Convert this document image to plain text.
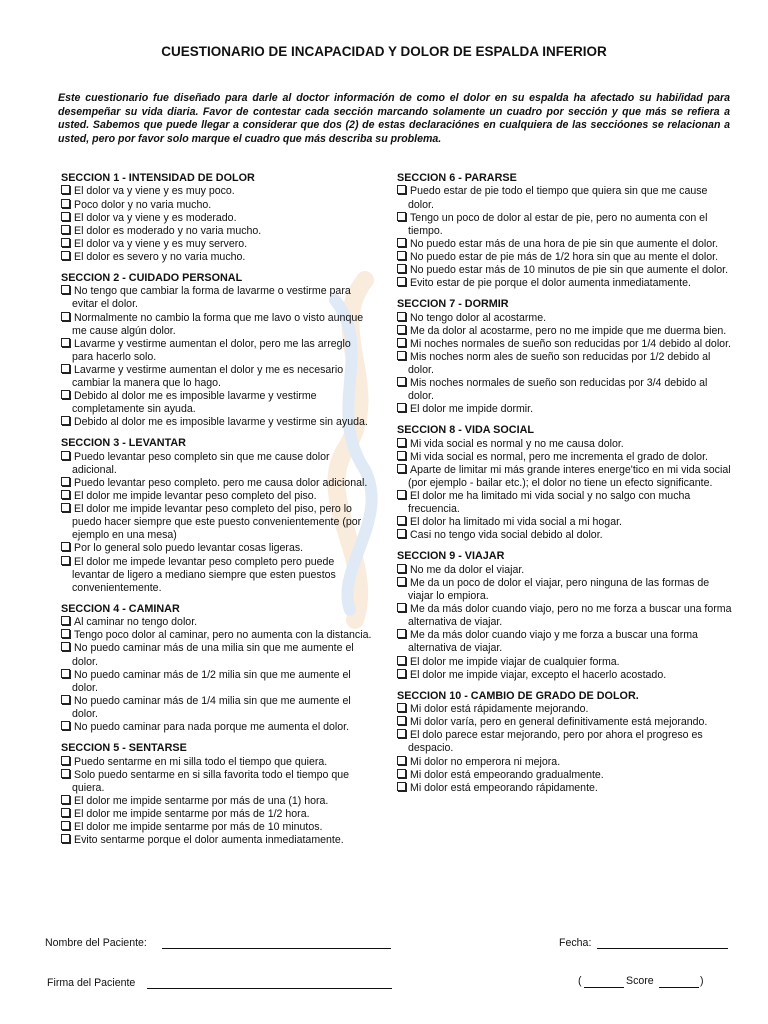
CUESTIONARIO DE INCAPACIDAD Y DOLOR DE ESPALDA INFERIOR
Este cuestionario fue diseñado para darle al doctor información de como el dolor en su espalda ha afectado su habi/idad para desempeñar su vida diaria. Favor de contestar cada sección marcando solamente un cuadro por sección y que más se refiera a usted. Sabemos que puede llegar a considerar que dos (2) de estas declaraciónes en cualquiera de las seccióones se relacionan a usted, pero por favor solo marque el cuadro que más describa su problema.
SECCION 1 - INTENSIDAD DE DOLOR
El dolor va y viene y es muy poco.
Poco dolor y no varia mucho.
El dolor va y viene y es moderado.
El dolor es moderado y no varia mucho.
El dolor va y viene y es muy servero.
El dolor es severo y no varia mucho.
SECCION 2 - CUIDADO PERSONAL
No tengo que cambiar la forma de lavarme o vestirme para evitar el dolor.
Normalmente no cambio la forma que me lavo o visto aunque me cause algún dolor.
Lavarme y vestirme aumentan el dolor, pero me las arreglo para hacerlo solo.
Lavarme y vestirme aumentan el dolor y me es necesario cambiar la manera que lo hago.
Debido al dolor me es imposible lavarme y vestirme completamente sin ayuda.
Debido al dolor me es imposible lavarme y vestirme sin ayuda.
SECCION 3 - LEVANTAR
Puedo levantar peso completo sin que me cause dolor adicional.
Puedo levantar peso completo. pero me causa dolor adicional.
El dolor me impide levantar peso completo del piso.
El dolor me impide levantar peso completo del piso, pero lo puedo hacer siempre que este puesto convenientemente (por ejemplo en una mesa)
Por lo general solo puedo levantar cosas ligeras.
El dolor me impede levantar peso completo pero puede levantar de ligero a mediano siempre que esten puestos convenientemente.
SECCION 4 - CAMINAR
Al caminar no tengo dolor.
Tengo poco dolor al caminar, pero no aumenta con la distancia.
No puedo caminar más de una milia sin que me aumente el dolor.
No puedo caminar más de 1/2 milia sin que me aumente el dolor.
No puedo caminar más de 1/4 milia sin que me aumente el dolor.
No puedo caminar para nada porque me aumenta el dolor.
SECCION 5 - SENTARSE
Puedo sentarme en mi silla todo el tiempo que quiera.
Solo puedo sentarme en si silla favorita todo el tiempo que quiera.
El dolor me impide sentarme por más de una (1) hora.
El dolor me impide sentarme por más de 1/2 hora.
El dolor me impide sentarme por más de 10 minutos.
Evito sentarme porque el dolor aumenta inmediatamente.
SECCION 6 - PARARSE
Puedo estar de pie todo el tiempo que quiera sin que me cause dolor.
Tengo un poco de dolor al estar de pie, pero no aumenta con el tiempo.
No puedo estar más de una hora de pie sin que aumente el dolor.
No puedo estar de pie más de 1/2 hora sin que au mente el dolor.
No puedo estar más de 10 minutos de pie sin que aumente el dolor.
Evito estar de pie porque el dolor aumenta inmediatamente.
SECCION 7 - DORMIR
No tengo dolor al acostarme.
Me da dolor al acostarme, pero no me impide que me duerma bien.
Mi noches normales de sueño son reducidas por 1/4 debido al dolor.
Mis noches norm ales de sueño son reducidas por 1/2 debido al dolor.
Mis noches normales de sueño son reducidas por 3/4 debido al dolor.
El dolor me impide dormir.
SECCION 8 - VIDA SOCIAL
Mi vida social es normal y no me causa dolor.
Mi vida social es normal, pero me incrementa el grado de dolor.
Aparte de limitar mi más grande interes energe'tico en mi vida social (por ejemplo - bailar etc.); el dolor no tiene un efecto significante.
El dolor me ha limitado mi vida social y no salgo con mucha frecuencia.
El dolor ha limitado mi vida social a mi hogar.
Casi no tengo vida social debido al dolor.
SECCION 9 - VIAJAR
No me da dolor el viajar.
Me da un poco de dolor el viajar, pero ninguna de las formas de viajar lo empiora.
Me da más dolor cuando viajo, pero no me forza a buscar una forma alternativa de viajar.
Me da más dolor cuando viajo y me forza a buscar una forma alternativa de viajar.
El dolor me impide viajar de cualquier forma.
El dolor me impide viajar, excepto el hacerlo acostado.
SECCION 10 - CAMBIO DE GRADO DE DOLOR.
Mi dolor está rápidamente mejorando.
Mi dolor varía, pero en general definitivamente está mejorando.
El dolo parece estar mejorando, pero por ahora el progreso es despacio.
Mi dolor no emperora ni mejora.
Mi dolor está empeorando gradualmente.
Mi dolor está empeorando rápidamente.
Nombre del Paciente:	Fecha:
Firma del Paciente	(	Score	)
